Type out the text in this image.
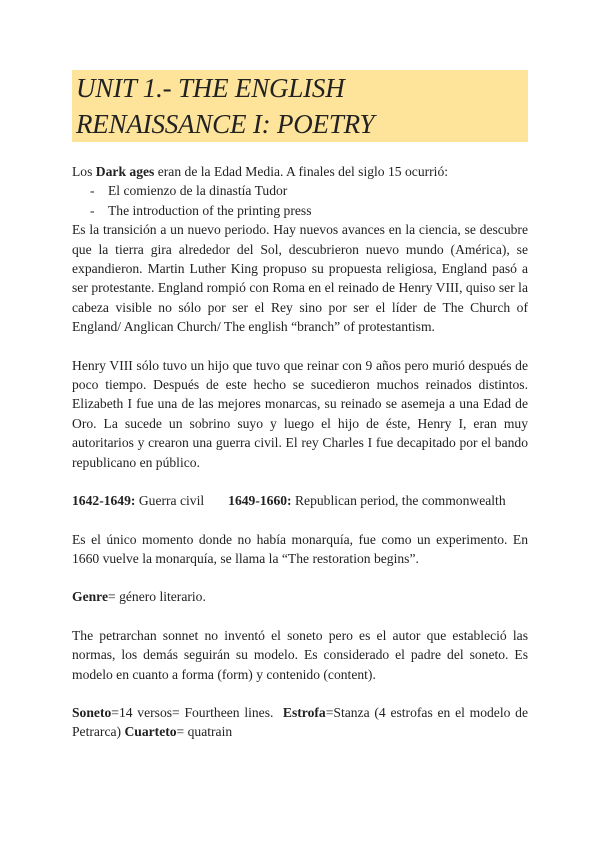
UNIT 1.- THE ENGLISH
RENAISSANCE I: POETRY

Los Dark ages eran de la Edad Media. A finales del siglo 15 ocurrió:

- El comienzo de la dinastía Tudor
- The introduction of the printing press

Es la transición a un nuevo periodo. Hay nuevos avances en la ciencia, se descubre que la tierra gira alrededor del Sol, descubrieron nuevo mundo (América), se expandieron. Martin Luther King propuso su propuesta religiosa, England pasó a ser protestante. England rompió con Roma en el reinado de Henry VIII, quiso ser la cabeza visible no sólo por ser el Rey sino por ser el líder de The Church of England/ Anglican Church/ The english “branch” of protestantism.

Henry VIII sólo tuvo un hijo que tuvo que reinar con 9 años pero murió después de poco tiempo. Después de este hecho se sucedieron muchos reinados distintos. Elizabeth I fue una de las mejores monarcas, su reinado se asemeja a una Edad de Oro. La sucede un sobrino suyo y luego el hijo de éste, Henry I, eran muy autoritarios y crearon una guerra civil. El rey Charles I fue decapitado por el bando republicano en público.

1642-1649: Guerra civil 1649-1660: Republican period, the commonwealth

Es el único momento donde no había monarquía, fue como un experimento. En 1660 vuelve la monarquía, se llama la “The restoration begins”.

Genre= género literario.

The petrarchan sonnet no inventó el soneto pero es el autor que estableció las normas, los demás seguirán su modelo. Es considerado el padre del soneto. Es modelo en cuanto a forma (form) y contenido (content).

Soneto=14 versos= Fourtheen lines. Estrofa=Stanza (4 estrofas en el modelo de Petrarca) Cuarteto= quatrain
